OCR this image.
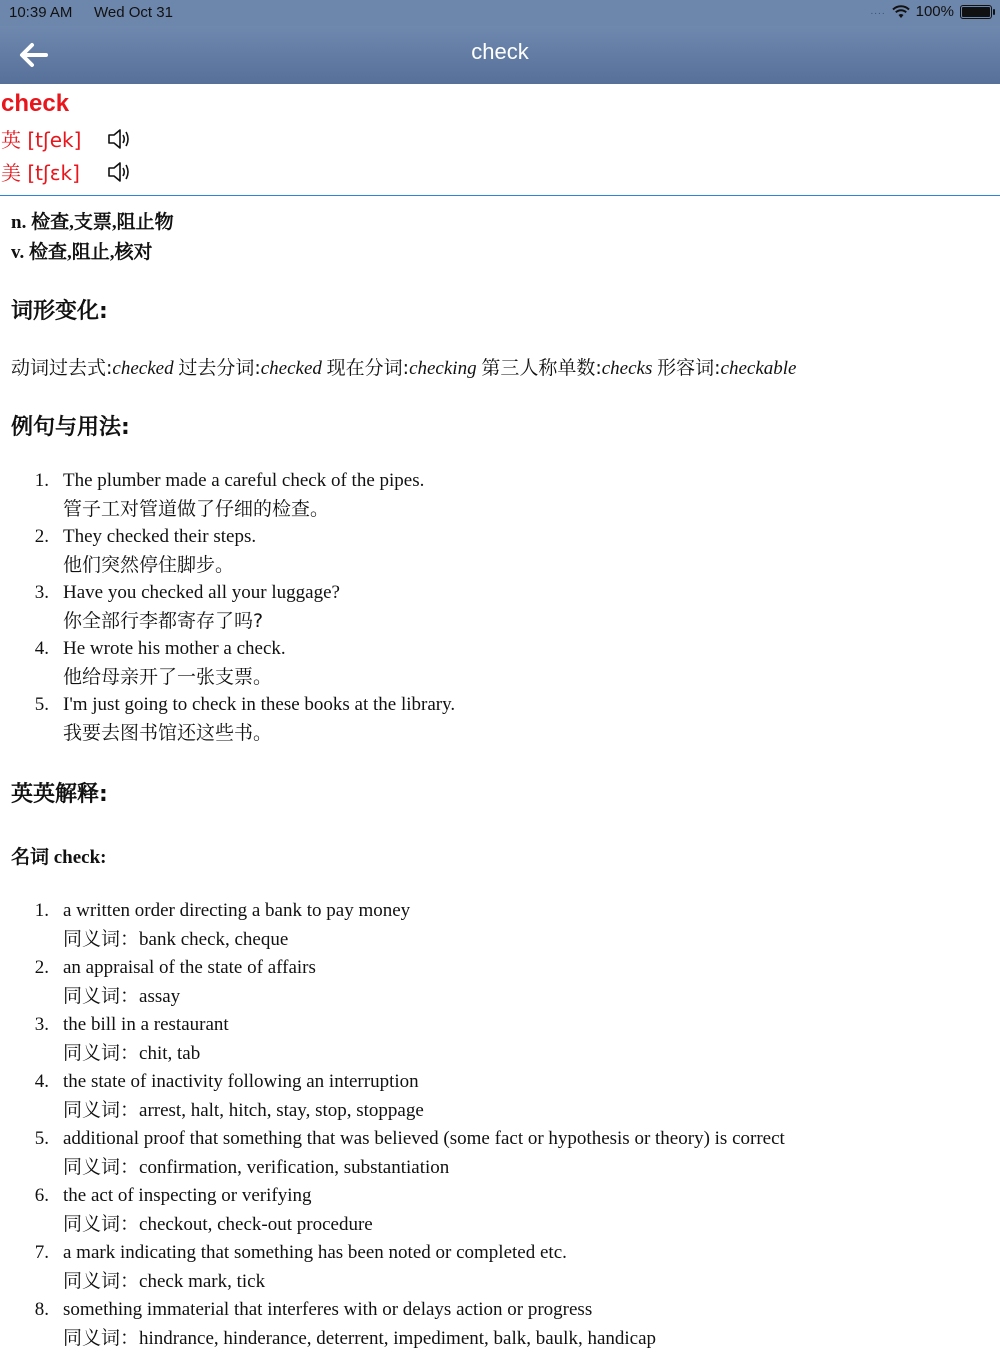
10:39 AM Wed Oct 31	.... 100%
check
check
英 [tʃek]
美 [tʃɛk]
n. 检查,支票,阻止物
v. 检查,阻止,核对
词形变化:

动词过去式:checked 过去分词:checked 现在分词:checking 第三人称单数:checks 形容词:checkable

例句与用法:
1. The plumber made a careful check of the pipes.
管子工对管道做了仔细的检查。
2. They checked their steps.
他们突然停住脚步。
3. Have you checked all your luggage?
你全部行李都寄存了吗?
4. He wrote his mother a check.
他给母亲开了一张支票。
5. I'm just going to check in these books at the library.
我要去图书馆还这些书。
英英解释:
名词 check:
1. a written order directing a bank to pay money
同义词：bank check, cheque
2. an appraisal of the state of affairs
同义词：assay
3. the bill in a restaurant
同义词：chit, tab
4. the state of inactivity following an interruption
同义词：arrest, halt, hitch, stay, stop, stoppage
5. additional proof that something that was believed (some fact or hypothesis or theory) is correct
同义词：confirmation, verification, substantiation
6. the act of inspecting or verifying
同义词：checkout, check-out procedure
7. a mark indicating that something has been noted or completed etc.
同义词：check mark, tick
8. something immaterial that interferes with or delays action or progress
同义词：hindrance, hinderance, deterrent, impediment, balk, baulk, handicap
